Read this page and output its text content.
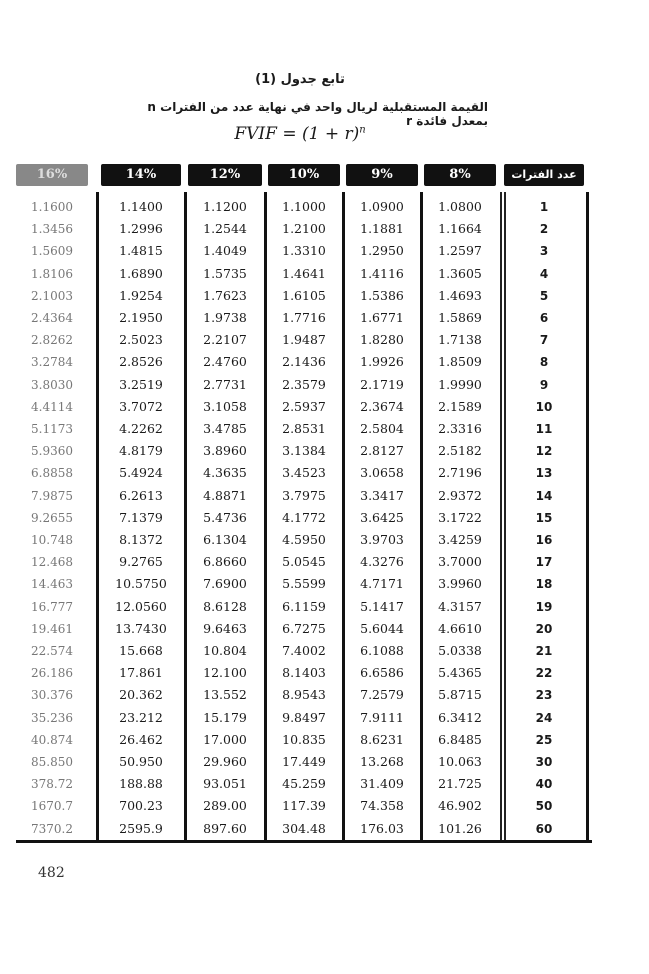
تابع جدول (1)
القيمة المستقبلية لريال واحد في نهاية عدد من الفترات n بمعدل فائدة r
FVIF = $(1 + r)^n$
16%	14%	12%	10%	9%	8%	عدد الفترات
1.1600	1.1400	1.1200	1.1000	1.0900	1.0800	1
1.3456	1.2996	1.2544	1.2100	1.1881	1.1664	2
1.5609	1.4815	1.4049	1.3310	1.2950	1.2597	3
1.8106	1.6890	1.5735	1.4641	1.4116	1.3605	4
2.1003	1.9254	1.7623	1.6105	1.5386	1.4693	5
2.4364	2.1950	1.9738	1.7716	1.6771	1.5869	6
2.8262	2.5023	2.2107	1.9487	1.8280	1.7138	7
3.2784	2.8526	2.4760	2.1436	1.9926	1.8509	8
3.8030	3.2519	2.7731	2.3579	2.1719	1.9990	9
4.4114	3.7072	3.1058	2.5937	2.3674	2.1589	10
5.1173	4.2262	3.4785	2.8531	2.5804	2.3316	11
5.9360	4.8179	3.8960	3.1384	2.8127	2.5182	12
6.8858	5.4924	4.3635	3.4523	3.0658	2.7196	13
7.9875	6.2613	4.8871	3.7975	3.3417	2.9372	14
9.2655	7.1379	5.4736	4.1772	3.6425	3.1722	15
10.748	8.1372	6.1304	4.5950	3.9703	3.4259	16
12.468	9.2765	6.8660	5.0545	4.3276	3.7000	17
14.463	10.5750	7.6900	5.5599	4.7171	3.9960	18
16.777	12.0560	8.6128	6.1159	5.1417	4.3157	19
19.461	13.7430	9.6463	6.7275	5.6044	4.6610	20
22.574	15.668	10.804	7.4002	6.1088	5.0338	21
26.186	17.861	12.100	8.1403	6.6586	5.4365	22
30.376	20.362	13.552	8.9543	7.2579	5.8715	23
35.236	23.212	15.179	9.8497	7.9111	6.3412	24
40.874	26.462	17.000	10.835	8.6231	6.8485	25
85.850	50.950	29.960	17.449	13.268	10.063	30
378.72	188.88	93.051	45.259	31.409	21.725	40
1670.7	700.23	289.00	117.39	74.358	46.902	50
7370.2	2595.9	897.60	304.48	176.03	101.26	60
482
